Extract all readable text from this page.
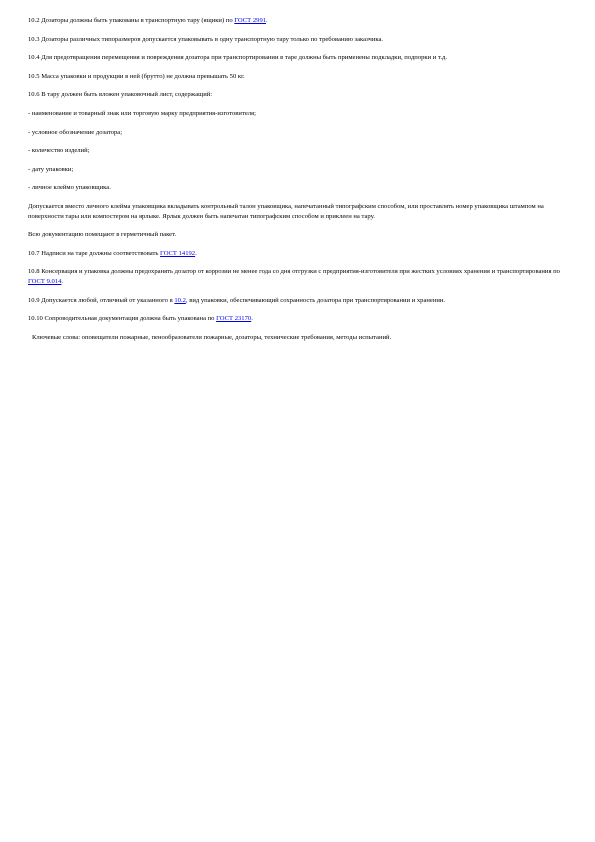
10.2 Дозаторы должны быть упакованы в транспортную тару (ящики) по ГОСТ 2991.

10.3 Дозаторы различных типоразмеров допускается упаковывать в одну транспортную тару только по требованию заказчика.

10.4 Для предотвращения перемещения и повреждения дозатора при транспортировании в таре должны быть применены подкладки, подпорки и т.д.

10.5 Масса упаковки и продукции в ней (брутто) не должна превышать 50 кг.

10.6 В тару должен быть вложен упаковочный лист, содержащий:

- наименование и товарный знак или торговую марку предприятия-изготовителя;

- условное обозначение дозатора;

- количество изделий;

- дату упаковки;

- личное клеймо упаковщика.

Допускается вместо личного клейма упаковщика вкладывать контрольный талон упаковщика, напечатанный типографским способом, или проставлять номер упаковщика штампом на поверхности тары или компостером на ярлыке. Ярлык должен быть напечатан типографским способом и приклеен на тару.

Всю документацию помещают в герметичный пакет.

10.7 Надписи на таре должны соответствовать ГОСТ 14192.

10.8 Консервация и упаковка должны предохранять дозатор от коррозии не менее года со дня отгрузки с предприятия-изготовителя при жестких условиях хранения и транспортирования по ГОСТ 9.014.

10.9 Допускается любой, отличный от указанного в 10.2, вид упаковки, обеспечивающий сохранность дозатора при транспортировании и хранении.

10.10 Сопроводительная документация должна быть упакована по ГОСТ 23170.

Ключевые слова: оповещатели пожарные, пенообразователи пожарные, дозаторы, технические требования, методы испытаний.
